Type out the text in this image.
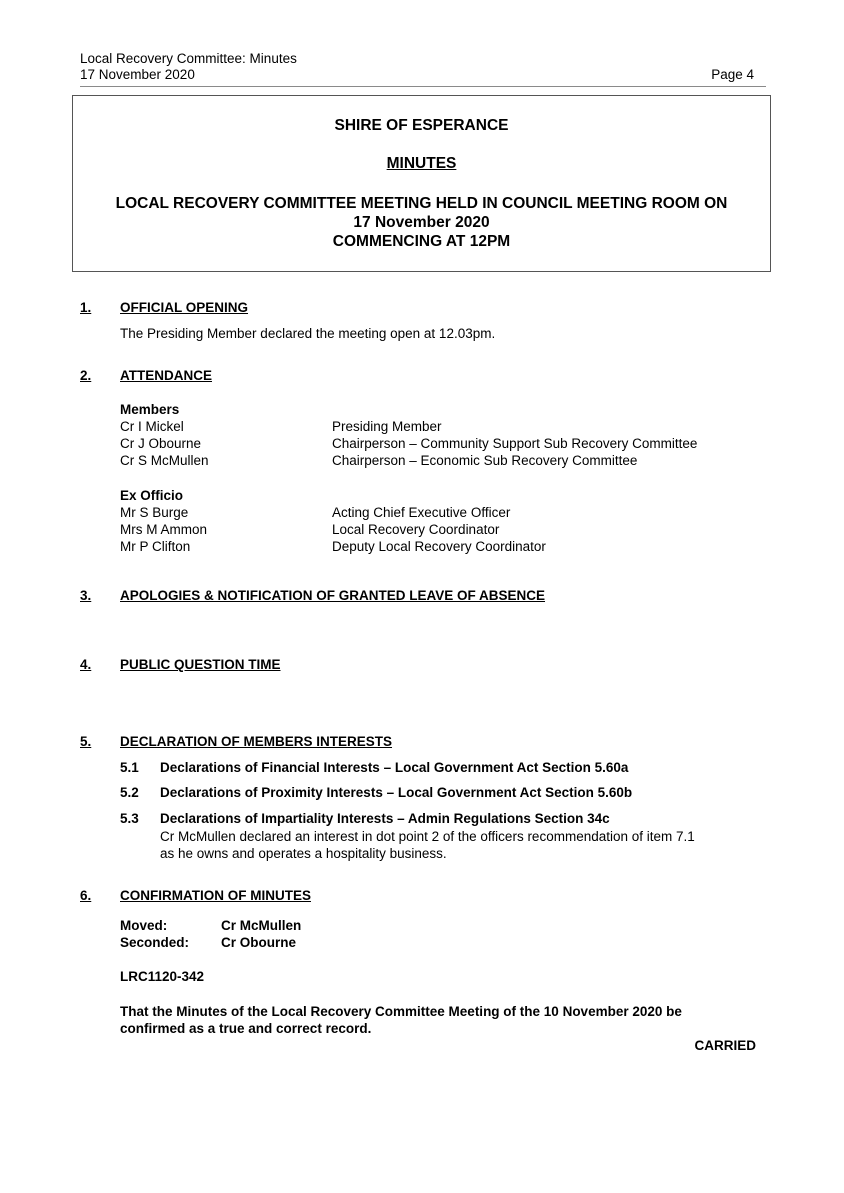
Local Recovery Committee: Minutes
17 November 2020	Page 4
SHIRE OF ESPERANCE
MINUTES
LOCAL RECOVERY COMMITTEE MEETING HELD IN COUNCIL MEETING ROOM ON
17 November 2020
COMMENCING AT 12PM
1. OFFICIAL OPENING
The Presiding Member declared the meeting open at 12.03pm.
2. ATTENDANCE
Members
Cr I Mickel
Cr J Obourne
Cr S McMullen
Presiding Member
Chairperson – Community Support Sub Recovery Committee
Chairperson – Economic Sub Recovery Committee
Ex Officio
Mr S Burge
Mrs M Ammon
Mr P Clifton
Acting Chief Executive Officer
Local Recovery Coordinator
Deputy Local Recovery Coordinator
3. APOLOGIES & NOTIFICATION OF GRANTED LEAVE OF ABSENCE
4. PUBLIC QUESTION TIME
5. DECLARATION OF MEMBERS INTERESTS
5.1 Declarations of Financial Interests – Local Government Act Section 5.60a
5.2 Declarations of Proximity Interests – Local Government Act Section 5.60b
5.3 Declarations of Impartiality Interests – Admin Regulations Section 34c
Cr McMullen declared an interest in dot point 2 of the officers recommendation of item 7.1
as he owns and operates a hospitality business.
6. CONFIRMATION OF MINUTES
Moved:	Cr McMullen
Seconded: Cr Obourne
LRC1120-342
That the Minutes of the Local Recovery Committee Meeting of the 10 November 2020 be
confirmed as a true and correct record.
CARRIED
